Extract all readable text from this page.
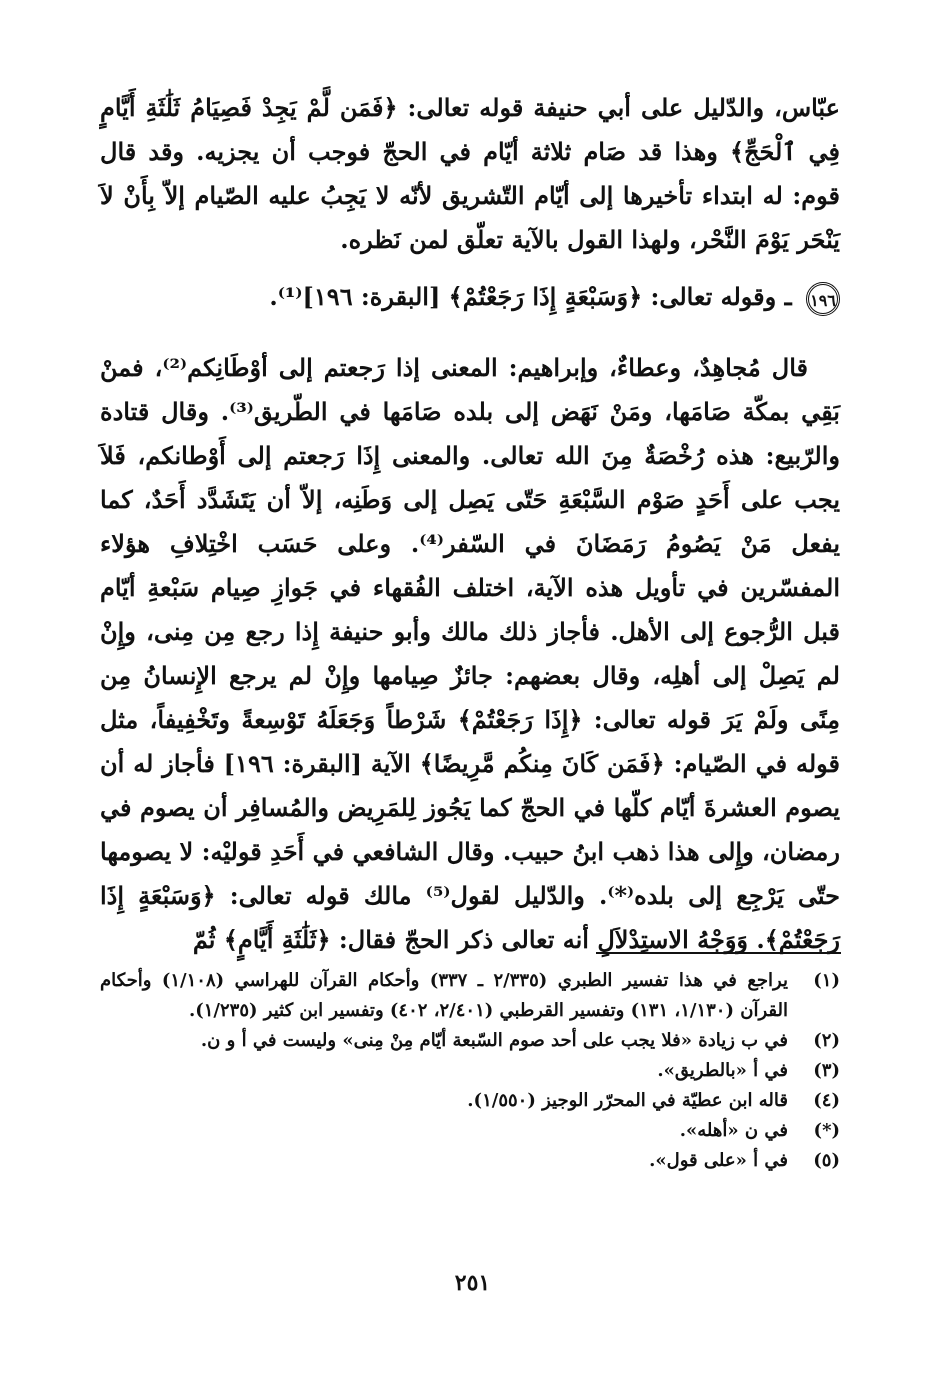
عبّاس، والدّليل على أبي حنيفة قوله تعالى: ﴿فَمَن لَّمْ يَجِدْ فَصِيَامُ ثَلَٰثَةِ أَيَّامٍ فِي ٱلْحَجِّ﴾ وهذا قد صَام ثلاثة أيّام في الحجّ فوجب أن يجزيه. وقد قال قوم: له ابتداء تأخيرها إلى أيّام التّشريق لأنّه لا يَجِبُ عليه الصّيام إلاّ بِأَنْ لاَ يَنْحَر يَوْمَ النَّحْر، ولهذا القول بالآية تعلّق لمن نَظره.

١٩٦ ـ وقوله تعالى: ﴿وَسَبْعَةٍ إِذَا رَجَعْتُمْ﴾ [البقرة: ١٩٦]⁽¹⁾.

قال مُجاهِدٌ، وعطاءٌ، وإبراهيم: المعنى إذا رَجعتم إلى أوْطَانِكم⁽²⁾، فمنْ بَقِي بمكّة صَامَها، ومَنْ نَهَض إلى بلده صَامَها في الطّريق⁽³⁾. وقال قتادة والرّبيع: هذه رُخْصَةٌ مِنَ الله تعالى. والمعنى إِذَا رَجعتم إلى أَوْطانكم، فَلاَ يجب على أَحَدٍ صَوْم السَّبْعَةِ حَتّى يَصِل إلى وَطَنِه، إلاّ أن يَتَشَدَّد أَحَدٌ، كما يفعل مَنْ يَصُومُ رَمَضَانَ في السّفر⁽⁴⁾. وعلى حَسَب اخْتِلافِ هؤلاء المفسّرين في تأويل هذه الآية، اختلف الفُقهاء في جَوازِ صِيام سَبْعةِ أيّام قبل الرُّجوع إلى الأهل. فأجاز ذلك مالك وأبو حنيفة إِذا رجع مِن مِنى، وإِنْ لم يَصِلْ إلى أهلِه، وقال بعضهم: جائزٌ صِيامها وإِنْ لم يرجع الإِنسانُ مِن مِنًى ولَمْ يَرَ قوله تعالى: ﴿إِذَا رَجَعْتُمْ﴾ شَرْطاً وَجَعَلَهُ تَوْسِعةً وتَخْفِيفاً، مثل قوله في الصّيام: ﴿فَمَن كَانَ مِنكُم مَّرِيضًا﴾ الآية [البقرة: ١٩٦] فأجاز له أن يصوم العشرةَ أيّام كلّها في الحجّ كما يَجُوز لِلمَرِيض والمُسافِر أن يصوم في رمضان، وإِلى هذا ذهب ابنُ حبيب. وقال الشافعي في أَحَدِ قوليْه: لا يصومها حتّى يَرْجِع إلى بلده⁽*⁾. والدّليل لقول⁽⁵⁾ مالك قوله تعالى: ﴿وَسَبْعَةٍ إِذَا رَجَعْتُمْ﴾. وَوَجْهُ الاستِدْلاَلِ أنه تعالى ذكر الحجّ فقال: ﴿ثَلَٰثَةِ أَيَّامٍ﴾ ثُمّ

(١)
يراجع في هذا تفسير الطبري (٢/٣٣٥ ـ ٣٣٧) وأحكام القرآن للهراسي (١/١٠٨) وأحكام القرآن (١/١٣٠، ١٣١) وتفسير القرطبي (٢/٤٠١، ٤٠٢) وتفسير ابن كثير (١/٢٣٥).
(٢)
في ب زيادة «فلا يجب على أحد صوم السّبعة أيّام مِنْ مِنى» وليست في أ و ن.
(٣)
في أ «بالطريق».
(٤)
قاله ابن عطيّة في المحرّر الوجيز (١/٥٥٠).
(*)
في ن «أهله».
(٥)
في أ «على قول».
٢٥١
